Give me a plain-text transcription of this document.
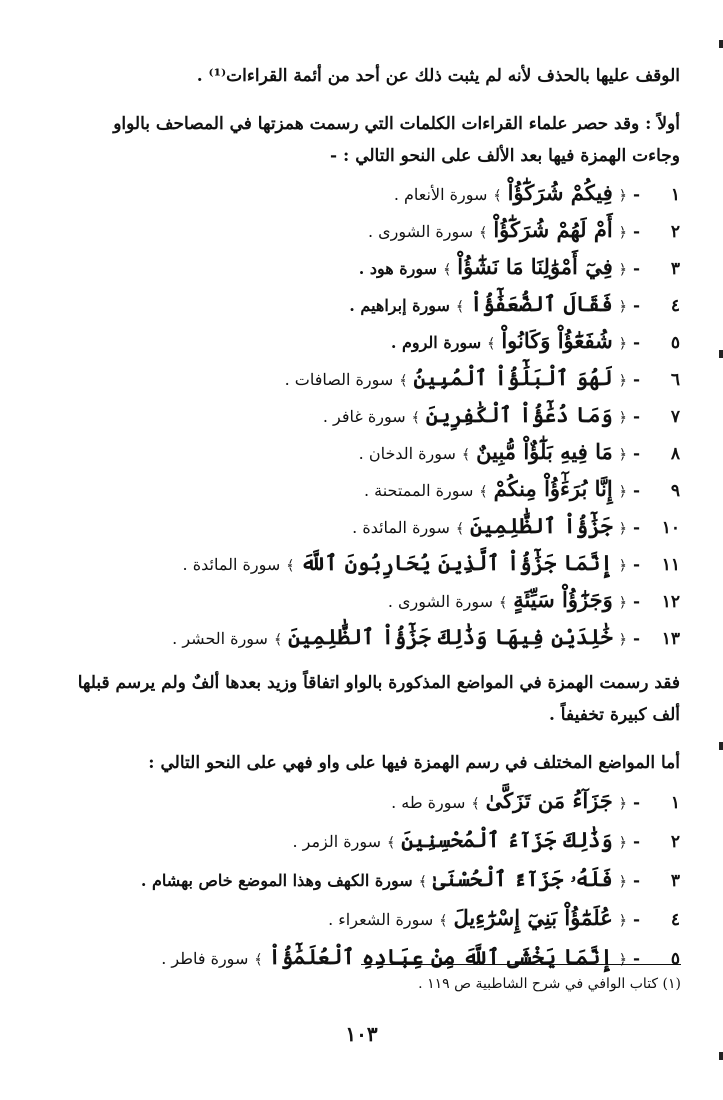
الوقف عليها بالحذف لأنه لم يثبت ذلك عن أحد من أئمة القراءات⁽¹⁾ .

أولاً : وقد حصر علماء القراءات الكلمات التي رسمت همزتها في المصاحف بالواو وجاءت الهمزة فيها بعد الألف على النحو التالي : -

١
-
﴿
فِيكُمْ شُرَكَٰٓؤُاْ
﴾
سورة الأنعام .
٢
-
﴿
أَمْ لَهُمْ شُرَكَٰٓؤُاْ
﴾
سورة الشورى .
٣
-
﴿
فِيٓ أَمْوَٰلِنَا مَا نَشَٰٓؤُاْ
﴾
سورة هود .
٤
-
﴿
فَقَالَ ٱلضُّعَفَٰٓؤُاْ
﴾
سورة إبراهيم .
٥
-
﴿
شُفَعَٰٓؤُاْ وَكَانُواْ
﴾
سورة الروم .
٦
-
﴿
لَهُوَ ٱلْبَلَٰٓؤُاْ ٱلْمُبِينُ
﴾
سورة الصافات .
٧
-
﴿
وَمَا دُعَٰٓؤُاْ ٱلْكَٰفِرِينَ
﴾
سورة غافر .
٨
-
﴿
مَا فِيهِ بَلَٰٓؤٌاْ مُّبِينٌ
﴾
سورة الدخان .
٩
-
﴿
إِنَّا بُرَءَٰٓؤُاْ مِنكُمْ
﴾
سورة الممتحنة .
١٠
-
﴿
جَزَٰٓؤُاْ ٱلظَّٰلِمِينَ
﴾
سورة المائدة .
١١
-
﴿
إِنَّمَا جَزَٰٓؤُاْ ٱلَّذِينَ يُحَارِبُونَ ٱللَّهَ
﴾
سورة المائدة .
١٢
-
﴿
وَجَزَٰٓؤُاْ سَيِّئَةٍ
﴾
سورة الشورى .
١٣
-
﴿
خَٰلِدَيْنِ فِيهَا وَذَٰلِكَ جَزَٰٓؤُاْ ٱلظَّٰلِمِينَ
﴾
سورة الحشر .

فقد رسمت الهمزة في المواضع المذكورة بالواو اتفاقاً وزيد بعدها ألفٌ ولم يرسم قبلها ألف كبيرة تخفيفاً .

أما المواضع المختلف في رسم الهمزة فيها على واو فهي على النحو التالي :

١
-
﴿
جَزَآءُ مَن تَزَكَّىٰ
﴾
سورة طه .
٢
-
﴿
وَذَٰلِكَ جَزَآءُ ٱلْمُحْسِنِينَ
﴾
سورة الزمر .
٣
-
﴿
فَلَهُۥ جَزَآءً ٱلْحُسْنَىٰ
﴾
سورة الكهف وهذا الموضع خاص بهشام .
٤
-
﴿
عُلَمَٰٓؤُاْ بَنِيٓ إِسْرَٰٓءِيلَ
﴾
سورة الشعراء .
٥
-
﴿
إِنَّمَا يَخْشَى ٱللَّهَ مِنْ عِبَادِهِ ٱلْعُلَمَٰٓؤُاْ
﴾
سورة فاطر .
(١) كتاب الوافي في شرح الشاطبية ص ١١٩ .
١٠٣
